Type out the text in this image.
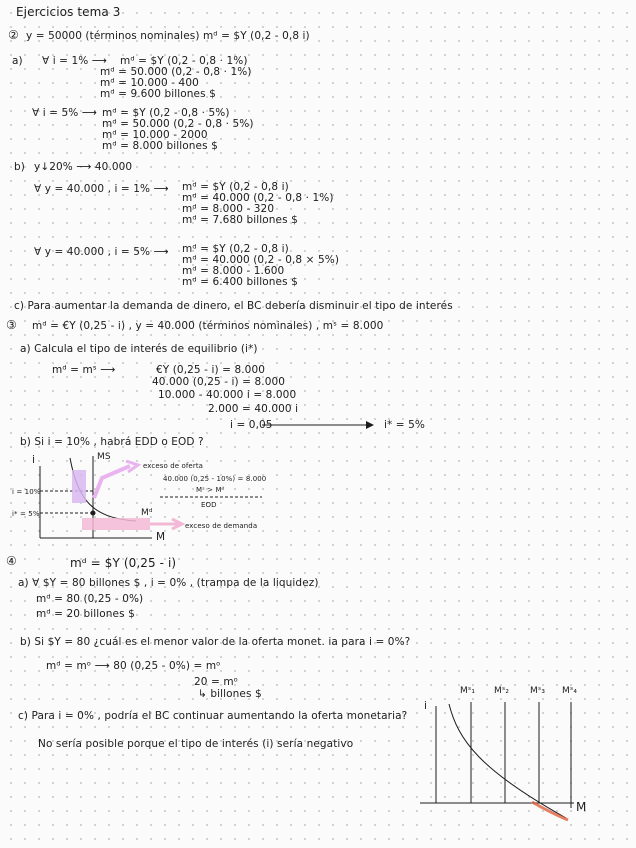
Ejercicios tema 3
② y = 50000 (términos nominales) mᵈ = $Y (0,2 - 0,8 i)
a) ∀ i = 1% ⟶ mᵈ = $Y (0,2 - 0,8 · 1%)
mᵈ = 50.000 (0,2 - 0,8 · 1%)
mᵈ = 10.000 - 400
mᵈ = 9.600 billones $
∀ i = 5% ⟶ mᵈ = $Y (0,2 - 0,8 · 5%)
mᵈ = 50.000 (0,2 - 0,8 · 5%)
mᵈ = 10.000 - 2000
mᵈ = 8.000 billones $
b) y↓20% ⟶ 40.000
∀ y = 40.000 , i = 1% ⟶ mᵈ = $Y (0,2 - 0,8 i)
mᵈ = 40.000 (0,2 - 0,8 · 1%)
mᵈ = 8.000 - 320
mᵈ = 7.680 billones $
∀ y = 40.000 , i = 5% ⟶ mᵈ = $Y (0,2 - 0,8 i)
mᵈ = 40.000 (0,2 - 0,8 × 5%)
mᵈ = 8.000 - 1.600
mᵈ = 6.400 billones $
c) Para aumentar la demanda de dinero, el BC debería disminuir el tipo de interés
③ mᵈ = €Y (0,25 - i) , y = 40.000 (términos nominales) , mˢ = 8.000
a) Calcula el tipo de interés de equilibrio (i*)
mᵈ = mˢ ⟶	€Y (0,25 - i) = 8.000
40.000 (0,25 - i) = 8.000
10.000 - 40.000 i = 8.000
2.000 = 40.000 i
i = 0,05	i* = 5%
b) Si i = 10% , habrá EDD o EOD ?
i	MS
i = 10%
i* = 5%	Mᵈ
M
exceso de oferta
40.000 (0,25 - 10%) = 8.000
Mˢ > Mᵈ
EOD
exceso de demanda
④	mᵈ = $Y (0,25 - i)
a) ∀ $Y = 80 billones $ , i = 0% , (trampa de la liquidez)
mᵈ = 80 (0,25 - 0%)
mᵈ = 20 billones $
b) Si $Y = 80 ¿cuál es el menor valor de la oferta monet. ia para i = 0%?
mᵈ = mᵒ ⟶ 80 (0,25 - 0%) = mᵒ
20 = mᵒ
↳ billones $
c) Para i = 0% , podría el BC continuar aumentando la oferta monetaria?
No sería posible porque el tipo de interés (i) sería negativo
i
Mˢ₁ Mˢ₂ Mˢ₃ Mˢ₄
M
